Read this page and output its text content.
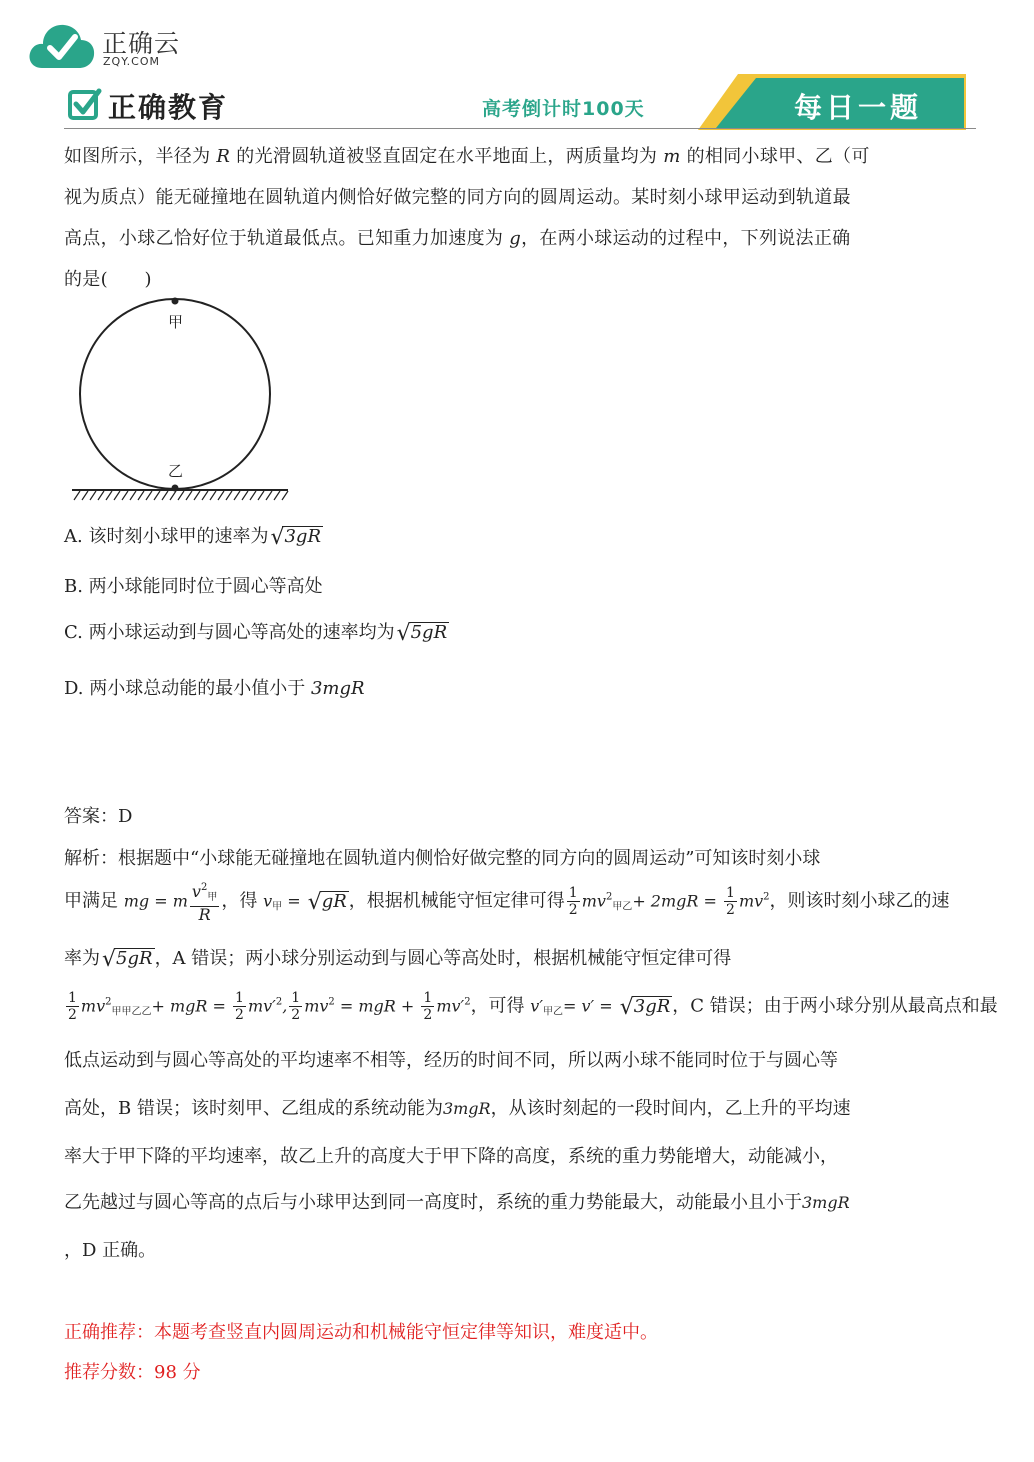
正确云
ZQY.COM
正确教育	高考倒计时100天	每日一题
如图所示，半径为 R 的光滑圆轨道被竖直固定在水平地面上，两质量均为 m 的相同小球甲、乙（可
视为质点）能无碰撞地在圆轨道内侧恰好做完整的同方向的圆周运动。某时刻小球甲运动到轨道最
高点，小球乙恰好位于轨道最低点。已知重力加速度为 g，在两小球运动的过程中，下列说法正确
的是(　　)
甲
乙
A. 该时刻小球甲的速率为√3gR
B. 两小球能同时位于圆心等高处
C. 两小球运动到与圆心等高处的速率均为√5gR
D. 两小球总动能的最小值小于 3mgR
答案：D
解析：根据题中“小球能无碰撞地在圆轨道内侧恰好做完整的同方向的圆周运动”可知该时刻小球
甲满足 mg = m $\frac{v^2_甲}{R}$ ，得 $v_甲 = √gR$ ，根据机械能守恒定律可得 $\frac{1}{2} mv^2_{甲乙}+ 2mgR = \frac{1}{2} mv^2$，则该时刻小球乙的速
率为√5gR ，A 错误；两小球分别运动到与圆心等高处时，根据机械能守恒定律可得
$\frac{1}{2} mv^2_{甲甲乙乙}+$ mgR = $\frac{1}{2} mv'^2$, $\frac{1}{2} mv^2$ = mgR + $\frac{1}{2} mv'^2$，可得 $v'_{甲乙}= v' = √3gR$ ，C 错误；由于两小球分别从最高点和最
低点运动到与圆心等高处的平均速率不相等，经历的时间不同，所以两小球不能同时位于与圆心等
高处，B 错误；该时刻甲、乙组成的系统动能为3mgR，从该时刻起的一段时间内，乙上升的平均速
率大于甲下降的平均速率，故乙上升的高度大于甲下降的高度，系统的重力势能增大，动能减小，
乙先越过与圆心等高的点后与小球甲达到同一高度时，系统的重力势能最大，动能最小且小于3mgR
，D 正确。
正确推荐：本题考查竖直内圆周运动和机械能守恒定律等知识，难度适中。
推荐分数：98 分
